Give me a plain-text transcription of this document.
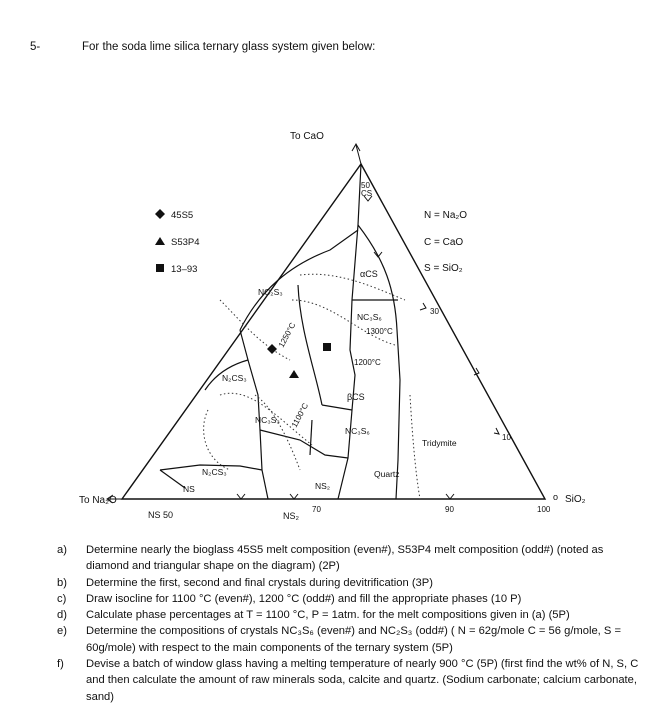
5-	For the soda lime silica ternary glass system given below:
To CaO
To Na₂O	o SiO₂
50
CS
30
10
NS 50	NS₂
70	90	100
45S5
S53P4
13–93
N = Na₂O
C = CaO
S = SiO₂
NC₂S₃
1250°C
αCS
NC₃S₆
1300°C
1200°C
βCS
N₂CS₃
NC₃S₃ 1100°C
NC₃S₆
Tridymite
N₂CS₃
NS	NS₂
Quartz
a) Determine nearly the bioglass 45S5 melt composition (even#), S53P4 melt composition (odd#) (noted as diamond and triangular shape on the diagram) (2P)
b) Determine the first, second and final crystals during devitrification (3P)
c) Draw isocline for 1100 °C (even#), 1200 °C (odd#) and fill the appropriate phases (10 P)
d) Calculate phase percentages at T = 1100 °C, P = 1atm. for the melt compositions given in (a) (5P)
e) Determine the compositions of crystals NC₃S₆ (even#) and NC₂S₃ (odd#) ( N = 62g/mole C = 56 g/mole, S = 60g/mole) with respect to the main components of the ternary system (5P)
f) Devise a batch of window glass having a melting temperature of nearly 900 °C (5P) (first find the wt% of N, S, C and then calculate the amount of raw minerals soda, calcite and quartz. (Sodium carbonate; calcium carbonate, sand)
